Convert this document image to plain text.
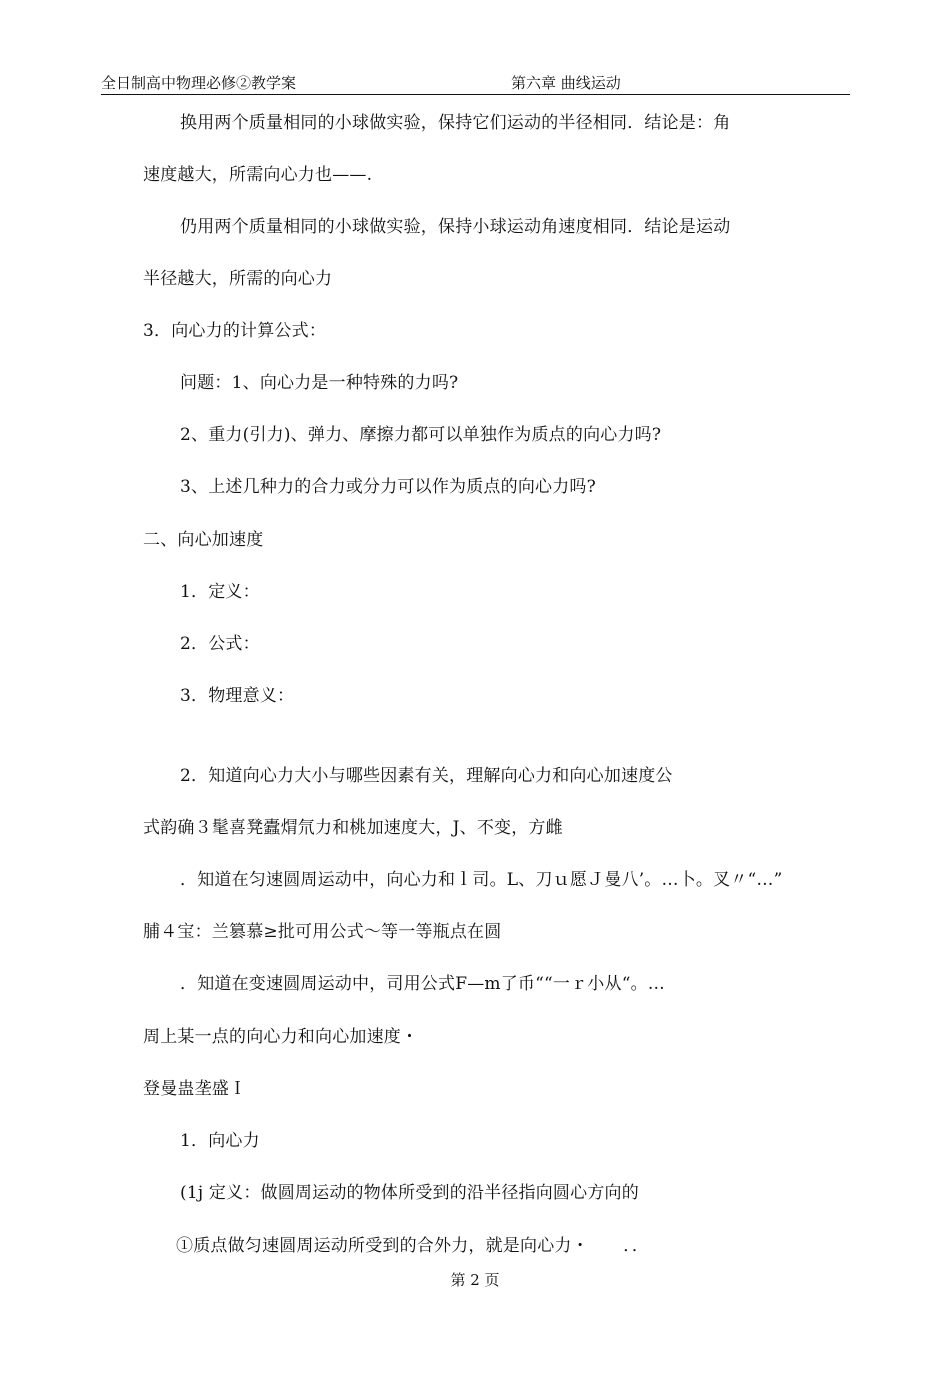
全日制高中物理必修②教学案	第六章 曲线运动
换用两个质量相同的小球做实验，保持它们运动的半径相同．结论是：角
速度越大，所需向心力也——.
仍用两个质量相同的小球做实验，保持小球运动角速度相同．结论是运动
半径越大，所需的向心力
3．向心力的计算公式：
问题：1、向心力是一种特殊的力吗?
2、重力(引力)、弹力、摩擦力都可以单独作为质点的向心力吗?
3、上述几种力的合力或分力可以作为质点的向心力吗?
二、向心加速度
1．定义：
2．公式：
3．物理意义：
2．知道向心力大小与哪些因素有关，理解向心力和向心加速度公
式韵确３髦喜凳蠹焨氘力和桃加速度大，J、不变，方雌
．知道在匀速圆周运动中，向心力和ｌ司。L、刀ｕ愿Ｊ曼八’。…卜。叉〃“…”
脯４宝：兰篡慕≥批可用公式～等一等瓶点在圆
．知道在变速圆周运动中，司用公式F—m了币““一ｒ小从“。…
周上某一点的向心力和向心加速度・
登曼蛊垄盛Ｉ
1．向心力
(1j 定义：做圆周运动的物体所受到的沿半径指向圆心方向的
①质点做匀速圆周运动所受到的合外力，就是向心力・　　．．
第 2 页
